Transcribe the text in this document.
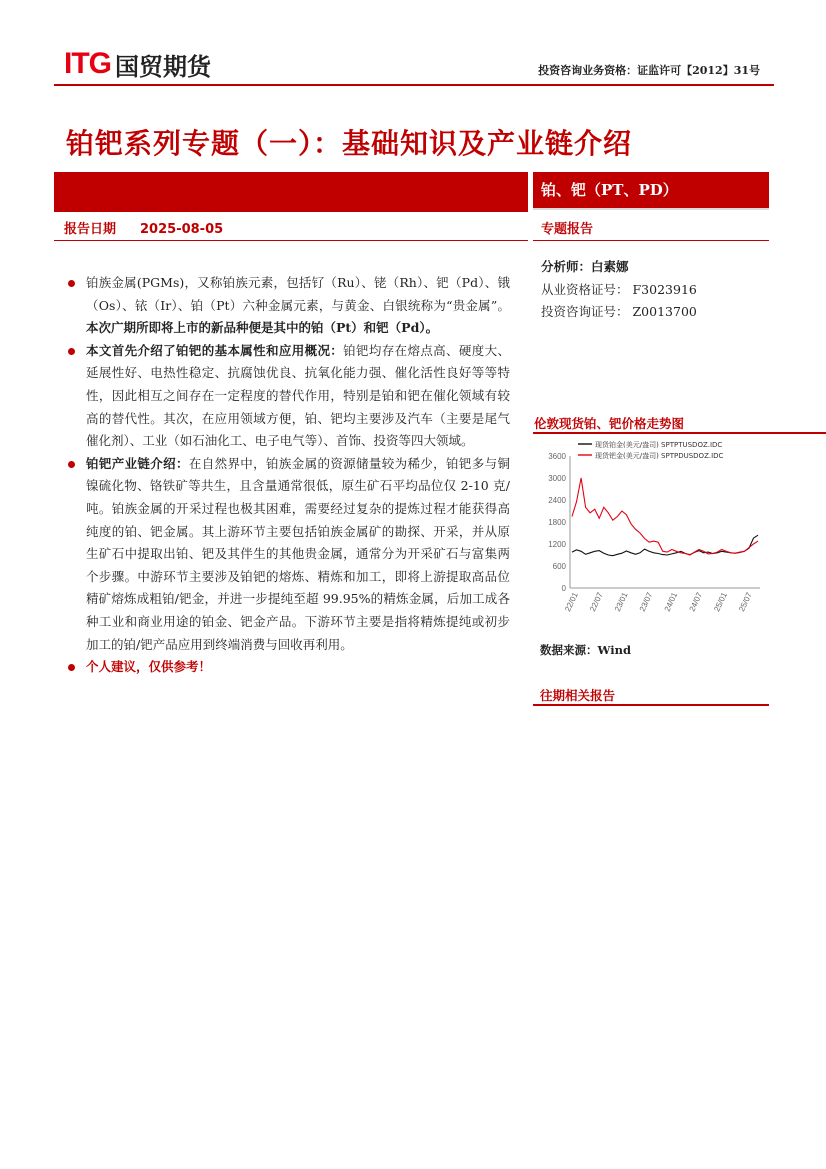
ITG 国贸期货	投资咨询业务资格：证监许可【2012】31号
铂钯系列专题（一）：基础知识及产业链介绍
铂、钯（PT、PD）
报告日期 2025-08-05	专题报告

铂族金属(PGMs)，又称铂族元素，包括钌（Ru）、铑（Rh）、钯（Pd）、锇（Os）、铱（Ir）、铂（Pt）六种金属元素，与黄金、白银统称为“贵金属”。本次广期所即将上市的新品种便是其中的铂（Pt）和钯（Pd）。

本文首先介绍了铂钯的基本属性和应用概况：铂钯均存在熔点高、硬度大、延展性好、电热性稳定、抗腐蚀优良、抗氧化能力强、催化活性良好等等特性，因此相互之间存在一定程度的替代作用，特别是铂和钯在催化领域有较高的替代性。其次，在应用领域方便，铂、钯均主要涉及汽车（主要是尾气催化剂）、工业（如石油化工、电子电气等）、首饰、投资等四大领域。

铂钯产业链介绍：在自然界中，铂族金属的资源储量较为稀少，铂钯多与铜镍硫化物、铬铁矿等共生，且含量通常很低，原生矿石平均品位仅 2-10 克/吨。铂族金属的开采过程也极其困难，需要经过复杂的提炼过程才能获得高纯度的铂、钯金属。其上游环节主要包括铂族金属矿的勘探、开采，并从原生矿石中提取出铂、钯及其伴生的其他贵金属，通常分为开采矿石与富集两个步骤。中游环节主要涉及铂钯的熔炼、精炼和加工，即将上游提取高品位精矿熔炼成粗铂/钯金，并进一步提纯至超 99.95%的精炼金属，后加工成各种工业和商业用途的铂金、钯金产品。下游环节主要是指将精炼提纯或初步加工的铂/钯产品应用到终端消费与回收再利用。

个人建议，仅供参考！

分析师：白素娜
从业资格证号： F3023916
投资咨询证号： Z0013700
伦敦现货铂、钯价格走势图
0
600
1200
1800
2400
3000
3600
22/01 22/07 23/01 23/07 24/01 24/07 25/01 25/07
现货铂金(美元/盎司) SPTPTUSDOZ.IDC
现货钯金(美元/盎司) SPTPDUSDOZ.IDC
数据来源：Wind
往期相关报告
